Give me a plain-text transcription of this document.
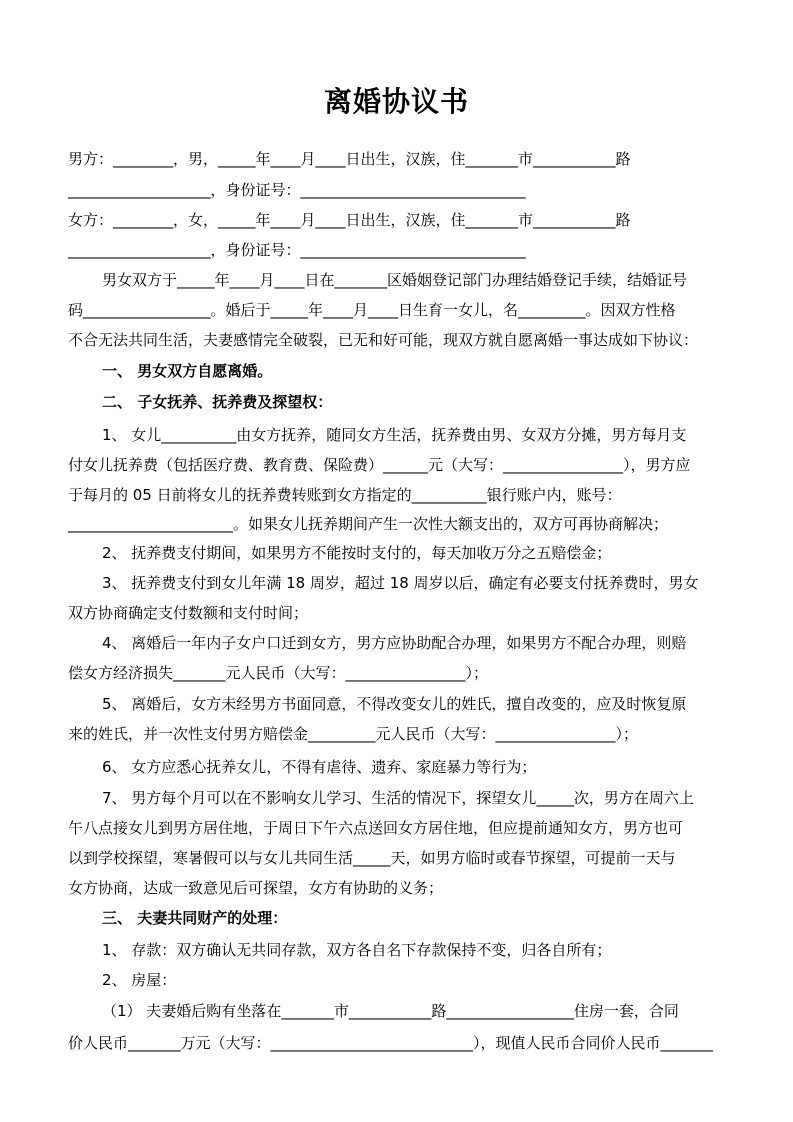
离婚协议书
男方：________，男，_____年____月____日出生，汉族，住_______市___________路
___________________，身份证号：______________________________
女方：________，女，_____年____月____日出生，汉族，住_______市___________路
___________________，身份证号：______________________________
男女双方于_____年____月____日在_______区婚姻登记部门办理结婚登记手续，结婚证号
码_________________。婚后于_____年____月____日生育一女儿，名_________。因双方性格
不合无法共同生活，夫妻感情完全破裂，已无和好可能，现双方就自愿离婚一事达成如下协议：
一、 男女双方自愿离婚。
二、 子女抚养、抚养费及探望权：
1、 女儿__________由女方抚养，随同女方生活，抚养费由男、女双方分摊，男方每月支
付女儿抚养费（包括医疗费、教育费、保险费）______元（大写：________________），男方应
于每月的 05 日前将女儿的抚养费转账到女方指定的__________银行账户内，账号：
______________________。如果女儿抚养期间产生一次性大额支出的，双方可再协商解决；
2、 抚养费支付期间，如果男方不能按时支付的，每天加收万分之五赔偿金；
3、 抚养费支付到女儿年满 18 周岁，超过 18 周岁以后，确定有必要支付抚养费时，男女
双方协商确定支付数额和支付时间；
4、 离婚后一年内子女户口迁到女方，男方应协助配合办理，如果男方不配合办理，则赔
偿女方经济损失_______元人民币（大写：________________）；
5、 离婚后，女方未经男方书面同意，不得改变女儿的姓氏，擅自改变的，应及时恢复原
来的姓氏，并一次性支付男方赔偿金_________元人民币（大写：________________）；
6、 女方应悉心抚养女儿，不得有虐待、遗弃、家庭暴力等行为；
7、 男方每个月可以在不影响女儿学习、生活的情况下，探望女儿_____次，男方在周六上
午八点接女儿到男方居住地，于周日下午六点送回女方居住地，但应提前通知女方，男方也可
以到学校探望，寒暑假可以与女儿共同生活_____天，如男方临时或春节探望，可提前一天与
女方协商，达成一致意见后可探望，女方有协助的义务；
三、 夫妻共同财产的处理：
1、 存款：双方确认无共同存款，双方各自名下存款保持不变，归各自所有；
2、 房屋：
（1） 夫妻婚后购有坐落在_______市___________路_________________住房一套，合同
价人民币_______万元（大写：___________________________），现值人民币合同价人民币_______
